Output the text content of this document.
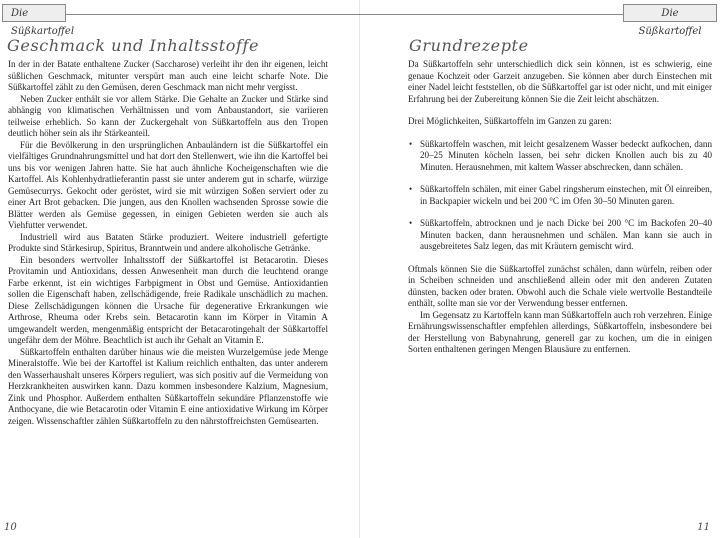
Die Süßkartoffel
Geschmack und Inhaltsstoffe

In der in der Batate enthaltene Zucker (Saccharose) verleiht ihr den ihr eigenen, leicht süßlichen Geschmack, mitunter verspürt man auch eine leicht scharfe Note. Die Süßkartoffel zählt zu den Gemüsen, deren Geschmack man nicht mehr vergisst.

Neben Zucker enthält sie vor allem Stärke. Die Gehalte an Zucker und Stärke sind abhängig von klimatischen Verhältnissen und vom Anbaustandort, sie variieren teilweise erheblich. So kann der Zuckergehalt von Süßkartoffeln aus den Tropen deutlich höher sein als ihr Stärkeanteil.

Für die Bevölkerung in den ursprünglichen Anbauländern ist die Süßkartoffel ein vielfältiges Grundnahrungsmittel und hat dort den Stellenwert, wie ihn die Kartoffel bei uns bis vor wenigen Jahren hatte. Sie hat auch ähnliche Kocheigenschaften wie die Kartoffel. Als Kohlenhydratlieferantin passt sie unter anderem gut in scharfe, würzige Gemüsecurrys. Gekocht oder geröstet, wird sie mit würzigen Soßen serviert oder zu einer Art Brot gebacken. Die jungen, aus den Knollen wachsenden Sprosse sowie die Blätter werden als Gemüse gegessen, in einigen Gebieten werden sie auch als Viehfutter verwendet.

Industriell wird aus Bataten Stärke produziert. Weitere industriell gefertigte Produkte sind Stärkesirup, Spiritus, Branntwein und andere alkoholische Getränke.

Ein besonders wertvoller Inhaltsstoff der Süßkartoffel ist Betacarotin. Dieses Provitamin und Antioxidans, dessen Anwesenheit man durch die leuchtend orange Farbe erkennt, ist ein wichtiges Farbpigment in Obst und Gemüse. Antioxidantien sollen die Eigenschaft haben, zellschädigende, freie Radikale unschädlich zu machen. Diese Zellschädigungen können die Ursache für degenerative Erkrankungen wie Arthrose, Rheuma oder Krebs sein. Betacarotin kann im Körper in Vitamin A umgewandelt werden, mengenmäßig entspricht der Betacarotingehalt der Süßkartoffel ungefähr dem der Möhre. Beachtlich ist auch ihr Gehalt an Vitamin E.

Süßkartoffeln enthalten darüber hinaus wie die meisten Wurzelgemüse jede Menge Mineralstoffe. Wie bei der Kartoffel ist Kalium reichlich enthalten, das unter anderem den Wasserhaushalt unseres Körpers reguliert, was sich positiv auf die Vermeidung von Herzkrankheiten auswirken kann. Dazu kommen insbesondere Kalzium, Magnesium, Zink und Phosphor. Außerdem enthalten Süßkartoffeln sekundäre Pflanzenstoffe wie Anthocyane, die wie Betacarotin oder Vitamin E eine antioxidative Wirkung im Körper zeigen. Wissenschaftler zählen Süßkartoffeln zu den nährstoffreichsten Gemüsearten.

10
Die Süßkartoffel
Grundrezepte

Da Süßkartoffeln sehr unterschiedlich dick sein können, ist es schwierig, eine genaue Kochzeit oder Garzeit anzugeben. Sie können aber durch Einstechen mit einer Nadel leicht feststellen, ob die Süßkartoffel gar ist oder nicht, und mit einiger Erfahrung bei der Zubereitung können Sie die Zeit leicht abschätzen.

Drei Möglichkeiten, Süßkartoffeln im Ganzen zu garen:

• Süßkartoffeln waschen, mit leicht gesalzenem Wasser bedeckt aufkochen, dann 20–25 Minuten köcheln lassen, bei sehr dicken Knollen auch bis zu 40 Minuten. Herausnehmen, mit kaltem Wasser abschrecken, dann schälen.
• Süßkartoffeln schälen, mit einer Gabel ringsherum einstechen, mit Öl einreiben, in Backpapier wickeln und bei 200 °C im Ofen 30–50 Minuten garen.
• Süßkartoffeln, abtrocknen und je nach Dicke bei 200 °C im Backofen 20–40 Minuten backen, dann herausnehmen und schälen. Man kann sie auch in ausgebreitetes Salz legen, das mit Kräutern gemischt wird.

Oftmals können Sie die Süßkartoffel zunächst schälen, dann würfeln, reiben oder in Scheiben schneiden und anschließend allein oder mit den anderen Zutaten dünsten, backen oder braten. Obwohl auch die Schale viele wertvolle Bestandteile enthält, sollte man sie vor der Verwendung besser entfernen.

Im Gegensatz zu Kartoffeln kann man Süßkartoffeln auch roh verzehren. Einige Ernährungswissenschaftler empfehlen allerdings, Süßkartoffeln, insbesondere bei der Herstellung von Babynahrung, generell gar zu kochen, um die in einigen Sorten enthaltenen geringen Mengen Blausäure zu entfernen.

11
